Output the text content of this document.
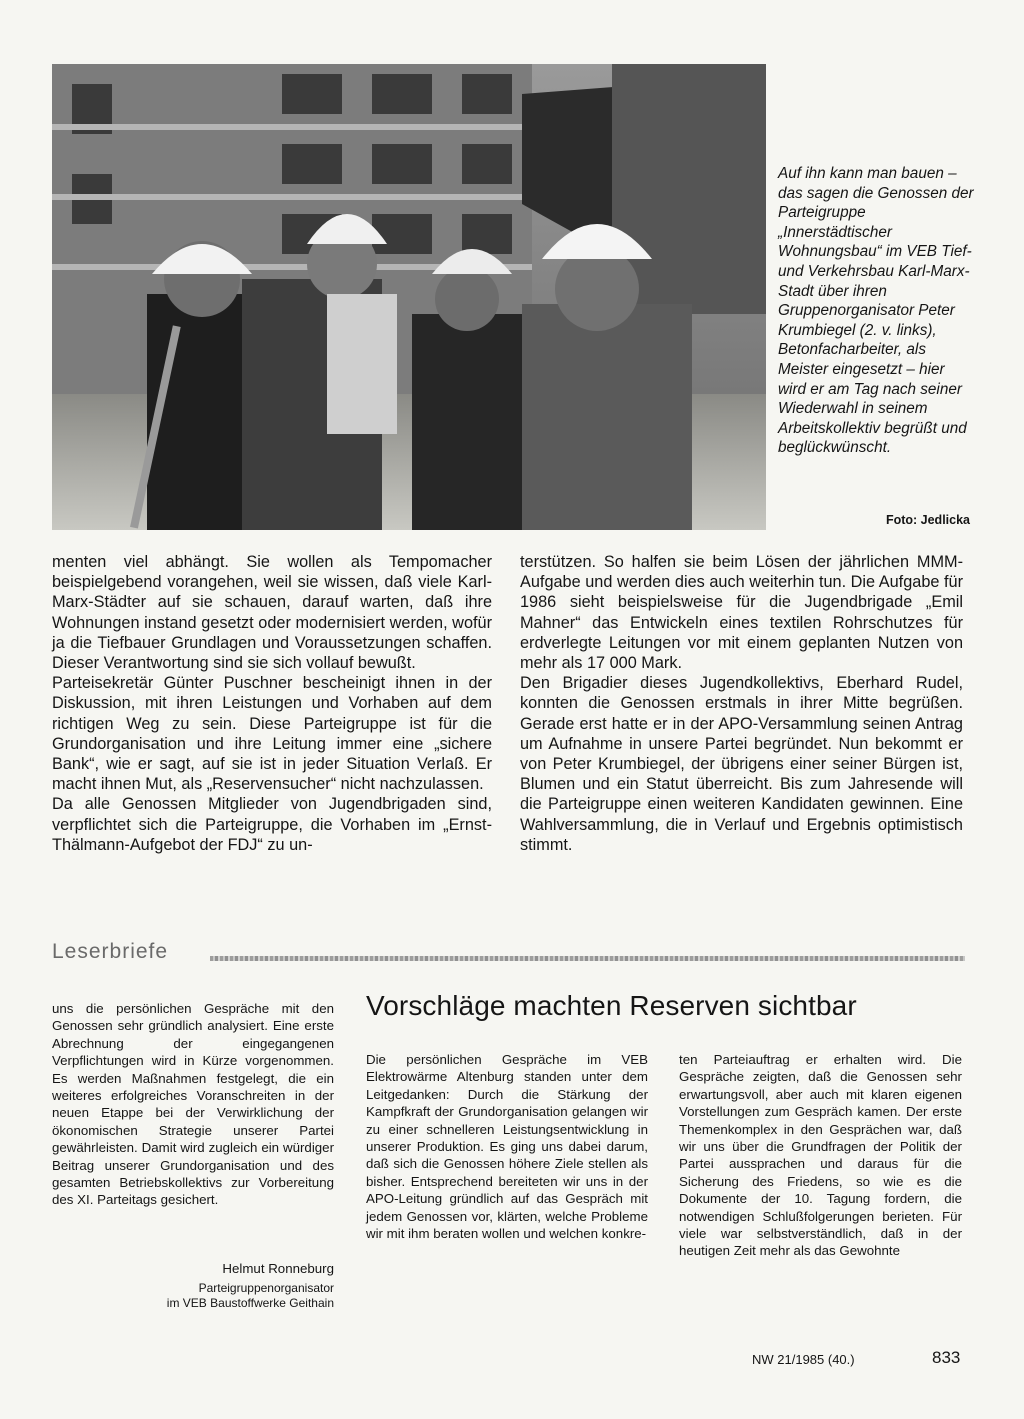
Auf ihn kann man bauen – das sagen die Genossen der Parteigruppe „Innerstädtischer Wohnungsbau“ im VEB Tief- und Verkehrsbau Karl-Marx-Stadt über ihren Gruppenorganisator Peter Krumbiegel (2. v. links), Betonfacharbeiter, als Meister eingesetzt – hier wird er am Tag nach seiner Wiederwahl in seinem Arbeitskollektiv begrüßt und beglückwünscht.
Foto: Jedlicka

menten viel abhängt. Sie wollen als Tempomacher beispielgebend vorangehen, weil sie wissen, daß viele Karl-Marx-Städter auf sie schauen, darauf warten, daß ihre Wohnungen instand gesetzt oder modernisiert werden, wofür ja die Tiefbauer Grundlagen und Voraussetzungen schaffen. Dieser Verantwortung sind sie sich vollauf bewußt.

Parteisekretär Günter Puschner bescheinigt ihnen in der Diskussion, mit ihren Leistungen und Vorhaben auf dem richtigen Weg zu sein. Diese Parteigruppe ist für die Grundorganisation und ihre Leitung immer eine „sichere Bank“, wie er sagt, auf sie ist in jeder Situation Verlaß. Er macht ihnen Mut, als „Reservensucher“ nicht nachzulassen.

Da alle Genossen Mitglieder von Jugendbrigaden sind, verpflichtet sich die Parteigruppe, die Vorhaben im „Ernst-Thälmann-Aufgebot der FDJ“ zu un-

terstützen. So halfen sie beim Lösen der jährlichen MMM-Aufgabe und werden dies auch weiterhin tun. Die Aufgabe für 1986 sieht beispielsweise für die Jugendbrigade „Emil Mahner“ das Entwickeln eines textilen Rohrschutzes für erdverlegte Leitungen vor mit einem geplanten Nutzen von mehr als 17 000 Mark.

Den Brigadier dieses Jugendkollektivs, Eberhard Rudel, konnten die Genossen erstmals in ihrer Mitte begrüßen. Gerade erst hatte er in der APO-Versammlung seinen Antrag um Aufnahme in unsere Partei begründet. Nun bekommt er von Peter Krumbiegel, der übrigens einer seiner Bürgen ist, Blumen und ein Statut überreicht. Bis zum Jahresende will die Parteigruppe einen weiteren Kandidaten gewinnen. Eine Wahlversammlung, die in Verlauf und Ergebnis optimistisch stimmt.

Leserbriefe
Vorschläge machten Reserven sichtbar

uns die persönlichen Gespräche mit den Genossen sehr gründlich analysiert. Eine erste Abrechnung der eingegangenen Verpflichtungen wird in Kürze vorgenommen. Es werden Maßnahmen festgelegt, die ein weiteres erfolgreiches Voranschreiten in der neuen Etappe bei der Verwirklichung der ökonomischen Strategie unserer Partei gewährleisten. Damit wird zugleich ein würdiger Beitrag unserer Grundorganisation und des gesamten Betriebskollektivs zur Vorbereitung des XI. Parteitags gesichert.

Helmut Ronneburg
Parteigruppenorganisator
im VEB Baustoffwerke Geithain

Die persönlichen Gespräche im VEB Elektrowärme Altenburg standen unter dem Leitgedanken: Durch die Stärkung der Kampfkraft der Grundorganisation gelangen wir zu einer schnelleren Leistungsentwicklung in unserer Produktion. Es ging uns dabei darum, daß sich die Genossen höhere Ziele stellen als bisher. Entsprechend bereiteten wir uns in der APO-Leitung gründlich auf das Gespräch mit jedem Genossen vor, klärten, welche Probleme wir mit ihm beraten wollen und welchen konkre-

ten Parteiauftrag er erhalten wird. Die Gespräche zeigten, daß die Genossen sehr erwartungsvoll, aber auch mit klaren eigenen Vorstellungen zum Gespräch kamen. Der erste Themenkomplex in den Gesprächen war, daß wir uns über die Grundfragen der Politik der Partei aussprachen und daraus für die Sicherung des Friedens, so wie es die Dokumente der 10. Tagung fordern, die notwendigen Schlußfolgerungen berieten. Für viele war selbstverständlich, daß in der heutigen Zeit mehr als das Gewohnte

NW 21/1985 (40.)	833
